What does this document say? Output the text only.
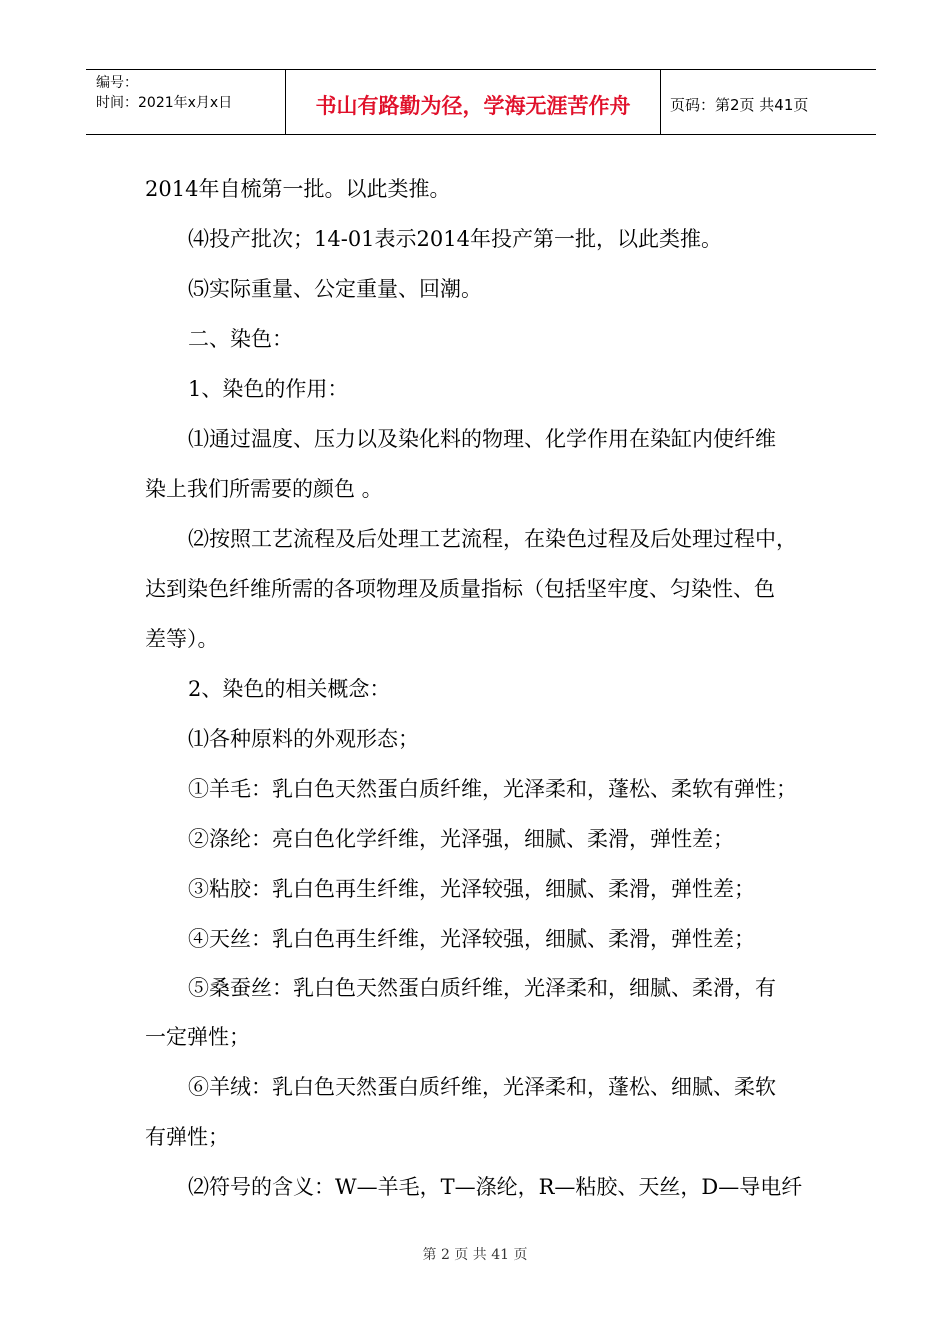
编号：
时间：2021年x月x日	书山有路勤为径，学海无涯苦作舟	页码：第2页 共41页
2014年自梳第一批。以此类推。
⑷投产批次；14-01表示2014年投产第一批，以此类推。
⑸实际重量、公定重量、回潮。
二、染色：
1、染色的作用：
⑴通过温度、压力以及染化料的物理、化学作用在染缸内使纤维
染上我们所需要的颜色 。
⑵按照工艺流程及后处理工艺流程，在染色过程及后处理过程中，
达到染色纤维所需的各项物理及质量指标（包括坚牢度、匀染性、色
差等）。
2、染色的相关概念：
⑴各种原料的外观形态；
①羊毛：乳白色天然蛋白质纤维，光泽柔和，蓬松、柔软有弹性；
②涤纶：亮白色化学纤维，光泽强，细腻、柔滑，弹性差；
③粘胶：乳白色再生纤维，光泽较强，细腻、柔滑，弹性差；
④天丝：乳白色再生纤维，光泽较强，细腻、柔滑，弹性差；
⑤桑蚕丝：乳白色天然蛋白质纤维，光泽柔和，细腻、柔滑，有
一定弹性；
⑥羊绒：乳白色天然蛋白质纤维，光泽柔和，蓬松、细腻、柔软
有弹性；
⑵符号的含义：W—羊毛，T—涤纶，R—粘胶、天丝，D—导电纤
第 2 页 共 41 页
